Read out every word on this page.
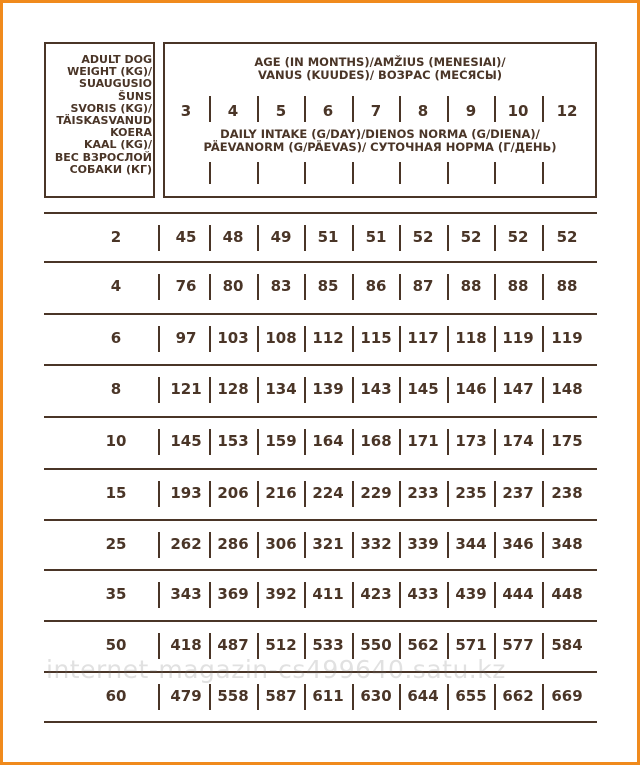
ADULT DOG
WEIGHT (KG)/
SUAUGUSIO
ŠUNS
SVORIS (KG)/
TÄISKASVANUD
KOERA
KAAL (KG)/
ВЕС ВЗРОСЛОЙ
СОБАКИ (КГ)
AGE (IN MONTHS)/AMŽIUS (MENESIAI)/
VANUS (KUUDES)/ ВОЗРАС (МЕСЯСЫ)
DAILY INTAKE (G/DAY)/DIENOS NORMA (G/DIENA)/
PÄEVANORM (G/PÄEVAS)/ СУТОЧНАЯ НОРМА (Г/ДЕНЬ)
3 4	5 6	7 8	9 10 12
2	45 48 49 51 51 52 52 52 52
4	76 80 83 85 86 87 88 88 88
6	97 103 108 112 115 117 118 119 119
8	121 128 134 139 143 145 146 147 148
10	145 153 159 164 168 171 173 174 175
15	193 206 216 224 229 233 235 237 238
25	262 286 306 321 332 339 344 346 348
35	343 369 392 411 423 433 439 444 448
50	418 487 512 533 550 562 571 577 584
60	479 558 587 611 630 644 655 662 669
internet-magazin-cs499640.satu.kz
